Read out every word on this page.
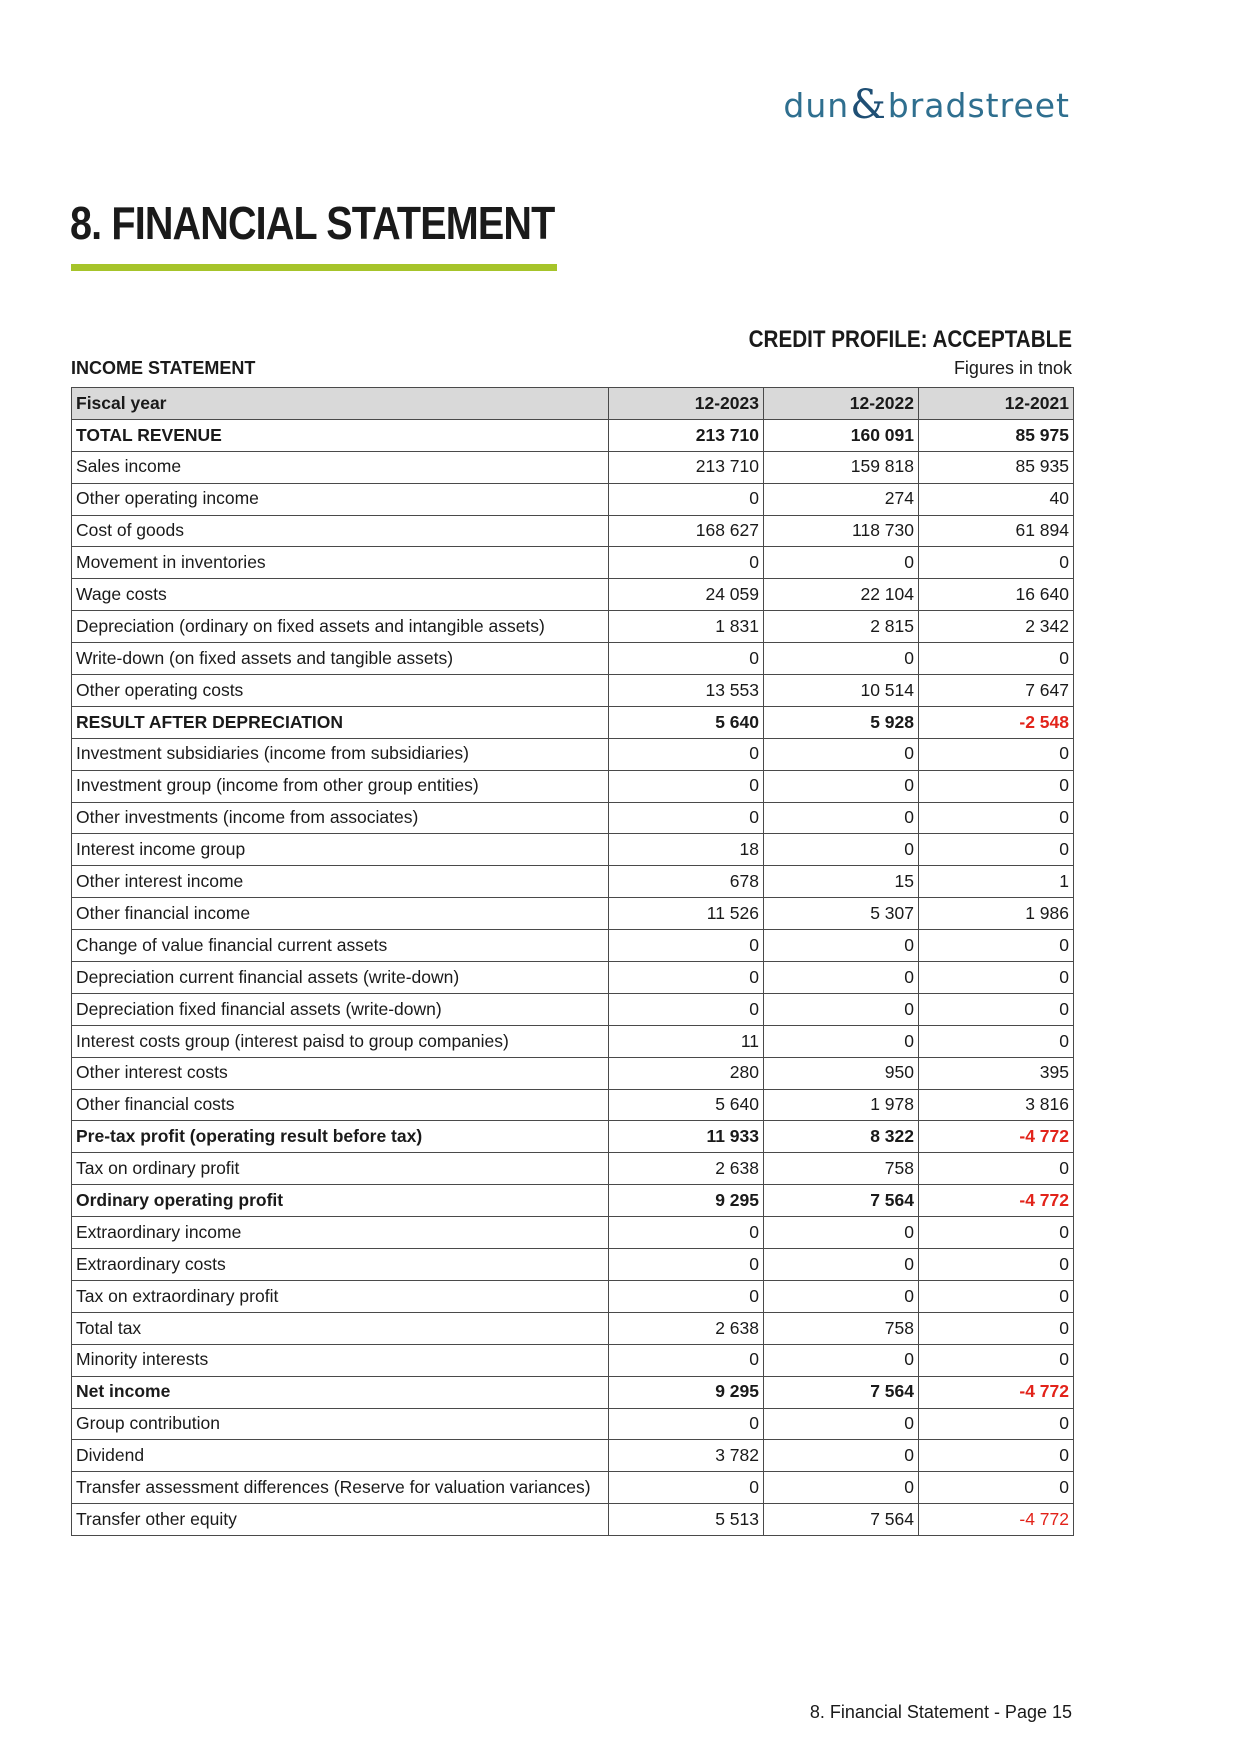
dun & bradstreet
8. FINANCIAL STATEMENT
CREDIT PROFILE: ACCEPTABLE
INCOME STATEMENT	Figures in tnok
Fiscal year	12-2023	12-2022	12-2021
TOTAL REVENUE	213 710	160 091	85 975
Sales income	213 710	159 818	85 935
Other operating income	0	274	40
Cost of goods	168 627	118 730	61 894
Movement in inventories	0	0	0
Wage costs	24 059	22 104	16 640
Depreciation (ordinary on fixed assets and intangible assets)	1 831	2 815	2 342
Write-down (on fixed assets and tangible assets)	0	0	0
Other operating costs	13 553	10 514	7 647
RESULT AFTER DEPRECIATION	5 640	5 928	-2 548
Investment subsidiaries (income from subsidiaries)	0	0	0
Investment group (income from other group entities)	0	0	0
Other investments (income from associates)	0	0	0
Interest income group	18	0	0
Other interest income	678	15	1
Other financial income	11 526	5 307	1 986
Change of value financial current assets	0	0	0
Depreciation current financial assets (write-down)	0	0	0
Depreciation fixed financial assets (write-down)	0	0	0
Interest costs group (interest paisd to group companies)	11	0	0
Other interest costs	280	950	395
Other financial costs	5 640	1 978	3 816
Pre-tax profit (operating result before tax)	11 933	8 322	-4 772
Tax on ordinary profit	2 638	758	0
Ordinary operating profit	9 295	7 564	-4 772
Extraordinary income	0	0	0
Extraordinary costs	0	0	0
Tax on extraordinary profit	0	0	0
Total tax	2 638	758	0
Minority interests	0	0	0
Net income	9 295	7 564	-4 772
Group contribution	0	0	0
Dividend	3 782	0	0
Transfer assessment differences (Reserve for valuation variances)	0	0	0
Transfer other equity	5 513	7 564	-4 772
8. Financial Statement - Page 15
